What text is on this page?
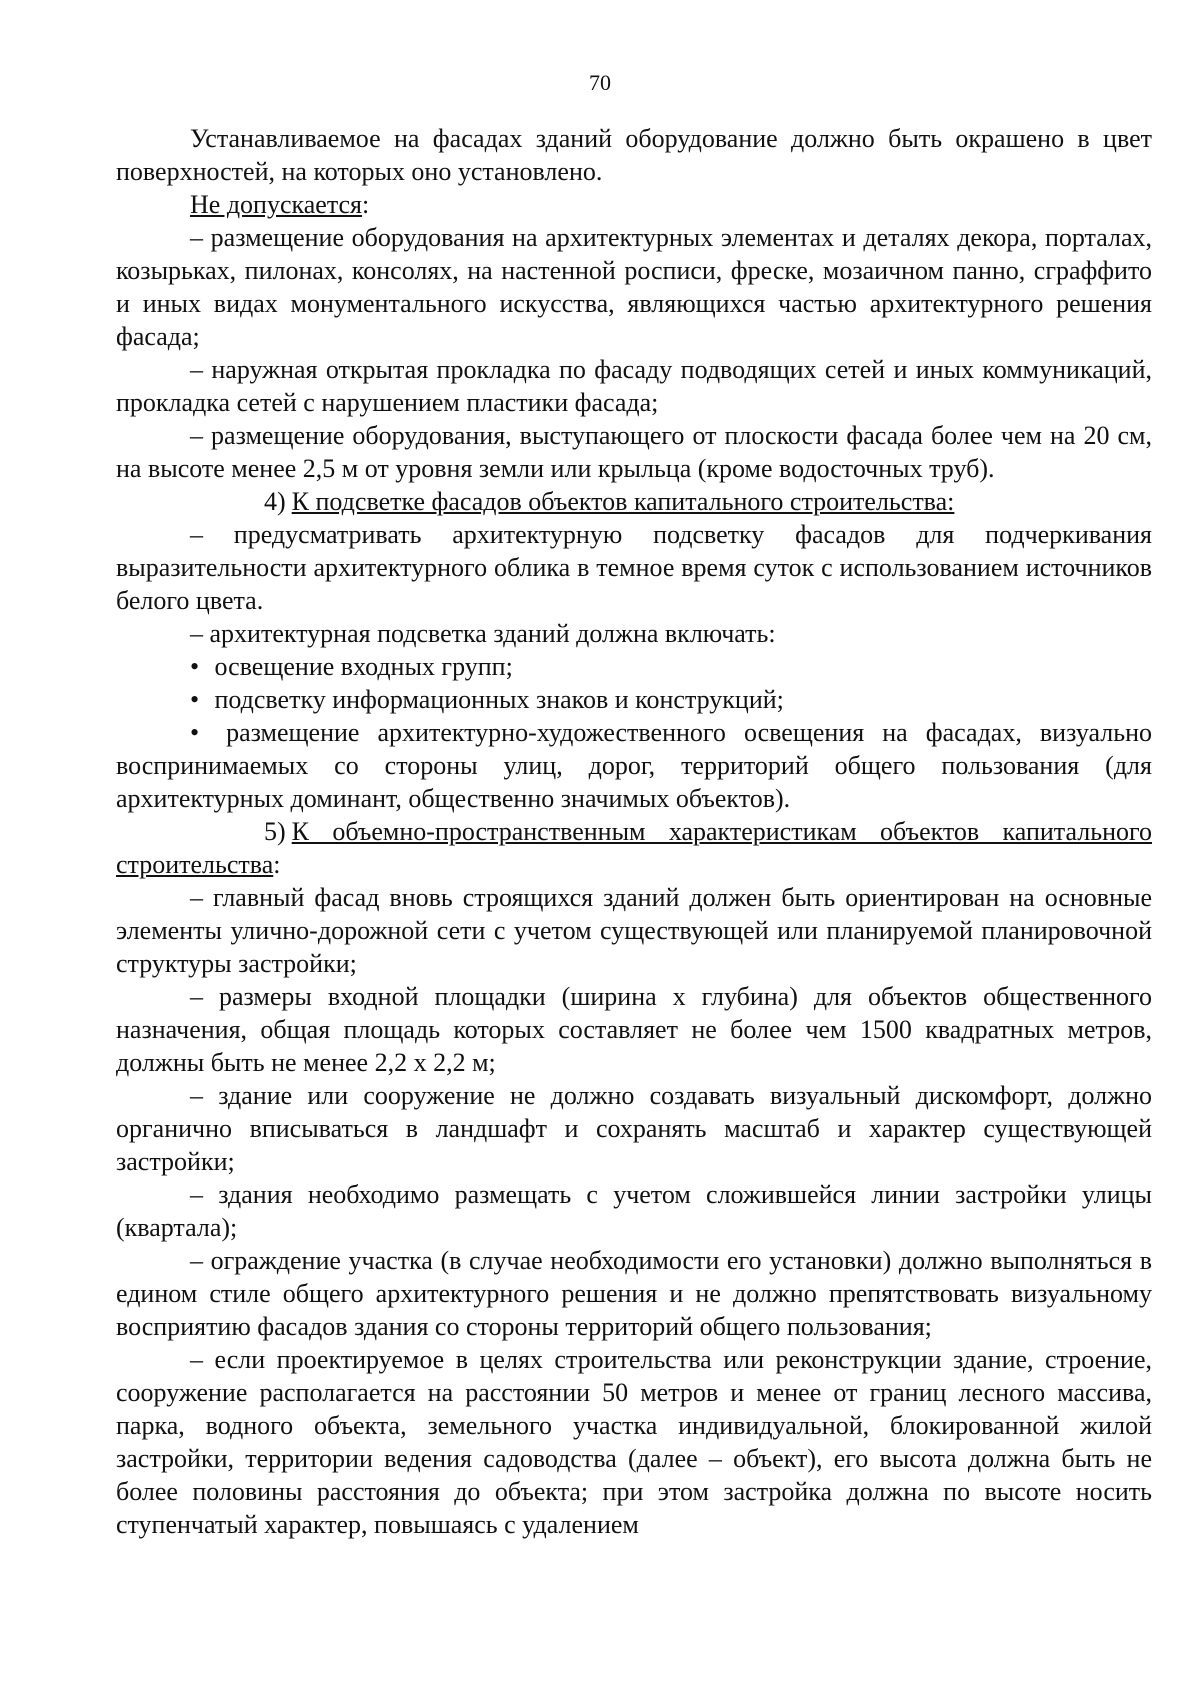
70

Устанавливаемое на фасадах зданий оборудование должно быть окрашено в цвет поверхностей, на которых оно установлено.

Не допускается:

– размещение оборудования на архитектурных элементах и деталях декора, порталах, козырьках, пилонах, консолях, на настенной росписи, фреске, мозаичном панно, сграффито и иных видах монументального искусства, являющихся частью архитектурного решения фасада;

– наружная открытая прокладка по фасаду подводящих сетей и иных коммуникаций, прокладка сетей с нарушением пластики фасада;

– размещение оборудования, выступающего от плоскости фасада более чем на 20 см, на высоте менее 2,5 м от уровня земли или крыльца (кроме водосточных труб).

4) К подсветке фасадов объектов капитального строительства:

– предусматривать архитектурную подсветку фасадов для подчеркивания выразительности архитектурного облика в темное время суток с использованием источников белого цвета.

– архитектурная подсветка зданий должна включать:

• освещение входных групп;

• подсветку информационных знаков и конструкций;

• размещение архитектурно-художественного освещения на фасадах, визуально воспринимаемых со стороны улиц, дорог, территорий общего пользования (для архитектурных доминант, общественно значимых объектов).

5) К объемно-пространственным характеристикам объектов капитального строительства:

– главный фасад вновь строящихся зданий должен быть ориентирован на основные элементы улично-дорожной сети с учетом существующей или планируемой планировочной структуры застройки;

– размеры входной площадки (ширина х глубина) для объектов общественного назначения, общая площадь которых составляет не более чем 1500 квадратных метров, должны быть не менее 2,2 х 2,2 м;

– здание или сооружение не должно создавать визуальный дискомфорт, должно органично вписываться в ландшафт и сохранять масштаб и характер существующей застройки;

– здания необходимо размещать с учетом сложившейся линии застройки улицы (квартала);

– ограждение участка (в случае необходимости его установки) должно выполняться в едином стиле общего архитектурного решения и не должно препятствовать визуальному восприятию фасадов здания со стороны территорий общего пользования;

– если проектируемое в целях строительства или реконструкции здание, строение, сооружение располагается на расстоянии 50 метров и менее от границ лесного массива, парка, водного объекта, земельного участка индивидуальной, блокированной жилой застройки, территории ведения садоводства (далее – объект), его высота должна быть не более половины расстояния до объекта; при этом застройка должна по высоте носить ступенчатый характер, повышаясь с удалением
